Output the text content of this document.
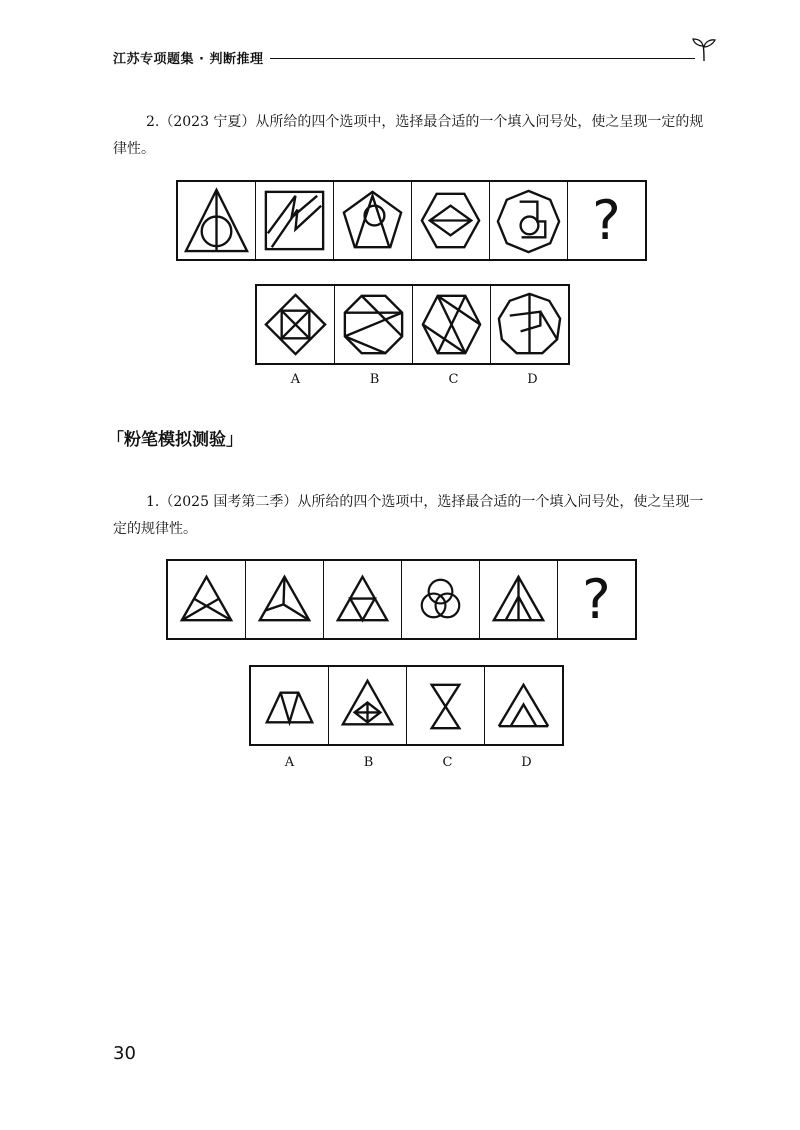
江苏专项题集 · 判断推理
2.（2023 宁夏）从所给的四个选项中，选择最合适的一个填入问号处，使之呈现一定的规律性。
?
A	B	C	D
「粉笔模拟测验」
1.（2025 国考第二季）从所给的四个选项中，选择最合适的一个填入问号处，使之呈现一定的规律性。
?
A	B	C	D
30
